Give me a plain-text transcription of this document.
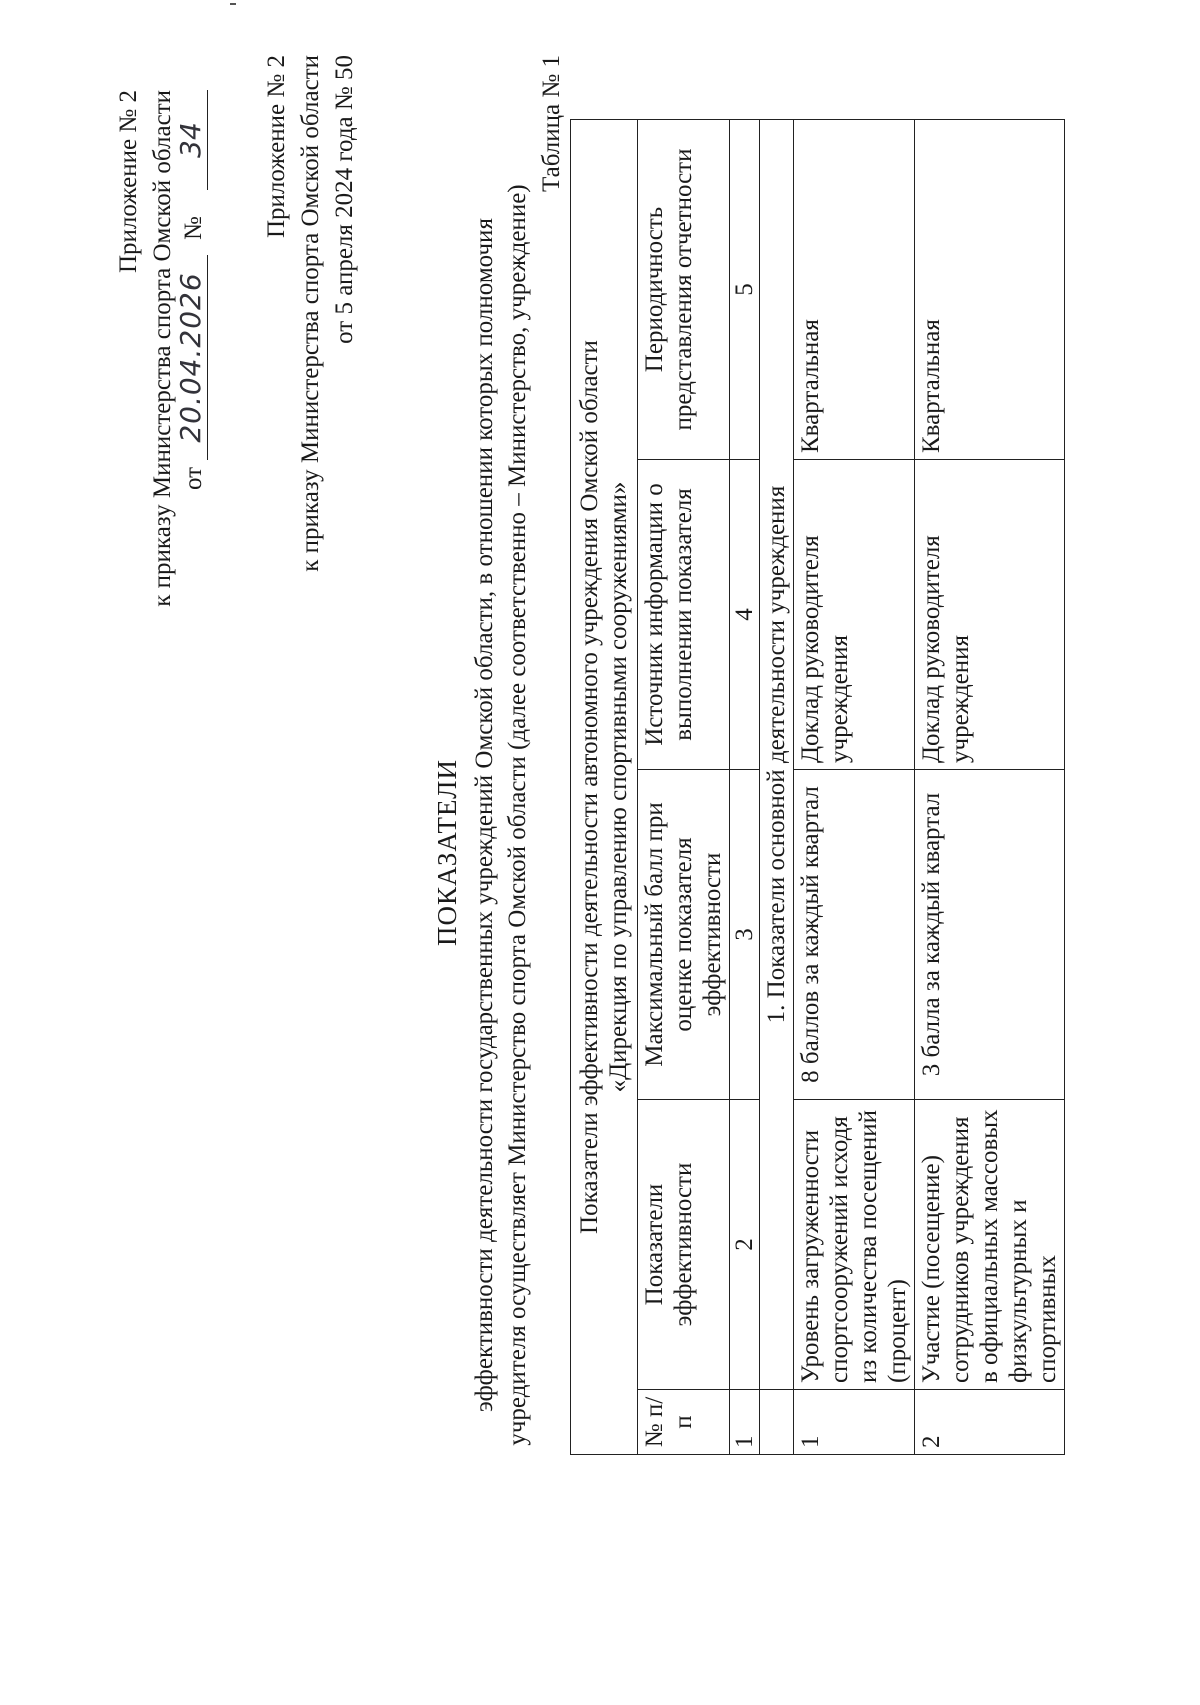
Приложение № 2 к приказу Министерства спорта Омской области от
20.04.2026
№
34 Приложение № 2 к приказу Министерства спорта Омской области от 5 апреля 2024 года № 50
ПОКАЗАТЕЛИ эффективности деятельности государственных учреждений Омской области, в отношении которых полномочия учредителя осуществляет Министерство спорта Омской области (далее соответственно – Министерство, учреждение)
Таблица № 1
Показатели эффективности деятельности автономного учреждения Омской области «Дирекция по управлению спортивными сооружениями»				

№ п/п	Показатели эффективности	Максимальный балл при оценке показателя эффективности	Источник информации о выполнении показателя	Периодичность представления отчетности
1	2	3	4	5
	1. Показатели основной деятельности учреждения			
1	Уровень загруженности спортсооружений исходя из количества посещений (процент)	8 баллов за каждый квартал	Доклад руководителя учреждения	Квартальная
2	Участие (посещение) сотрудников учреждения в официальных массовых физкультурных и спортивных	3 балла за каждый квартал	Доклад руководителя учреждения	Квартальная
